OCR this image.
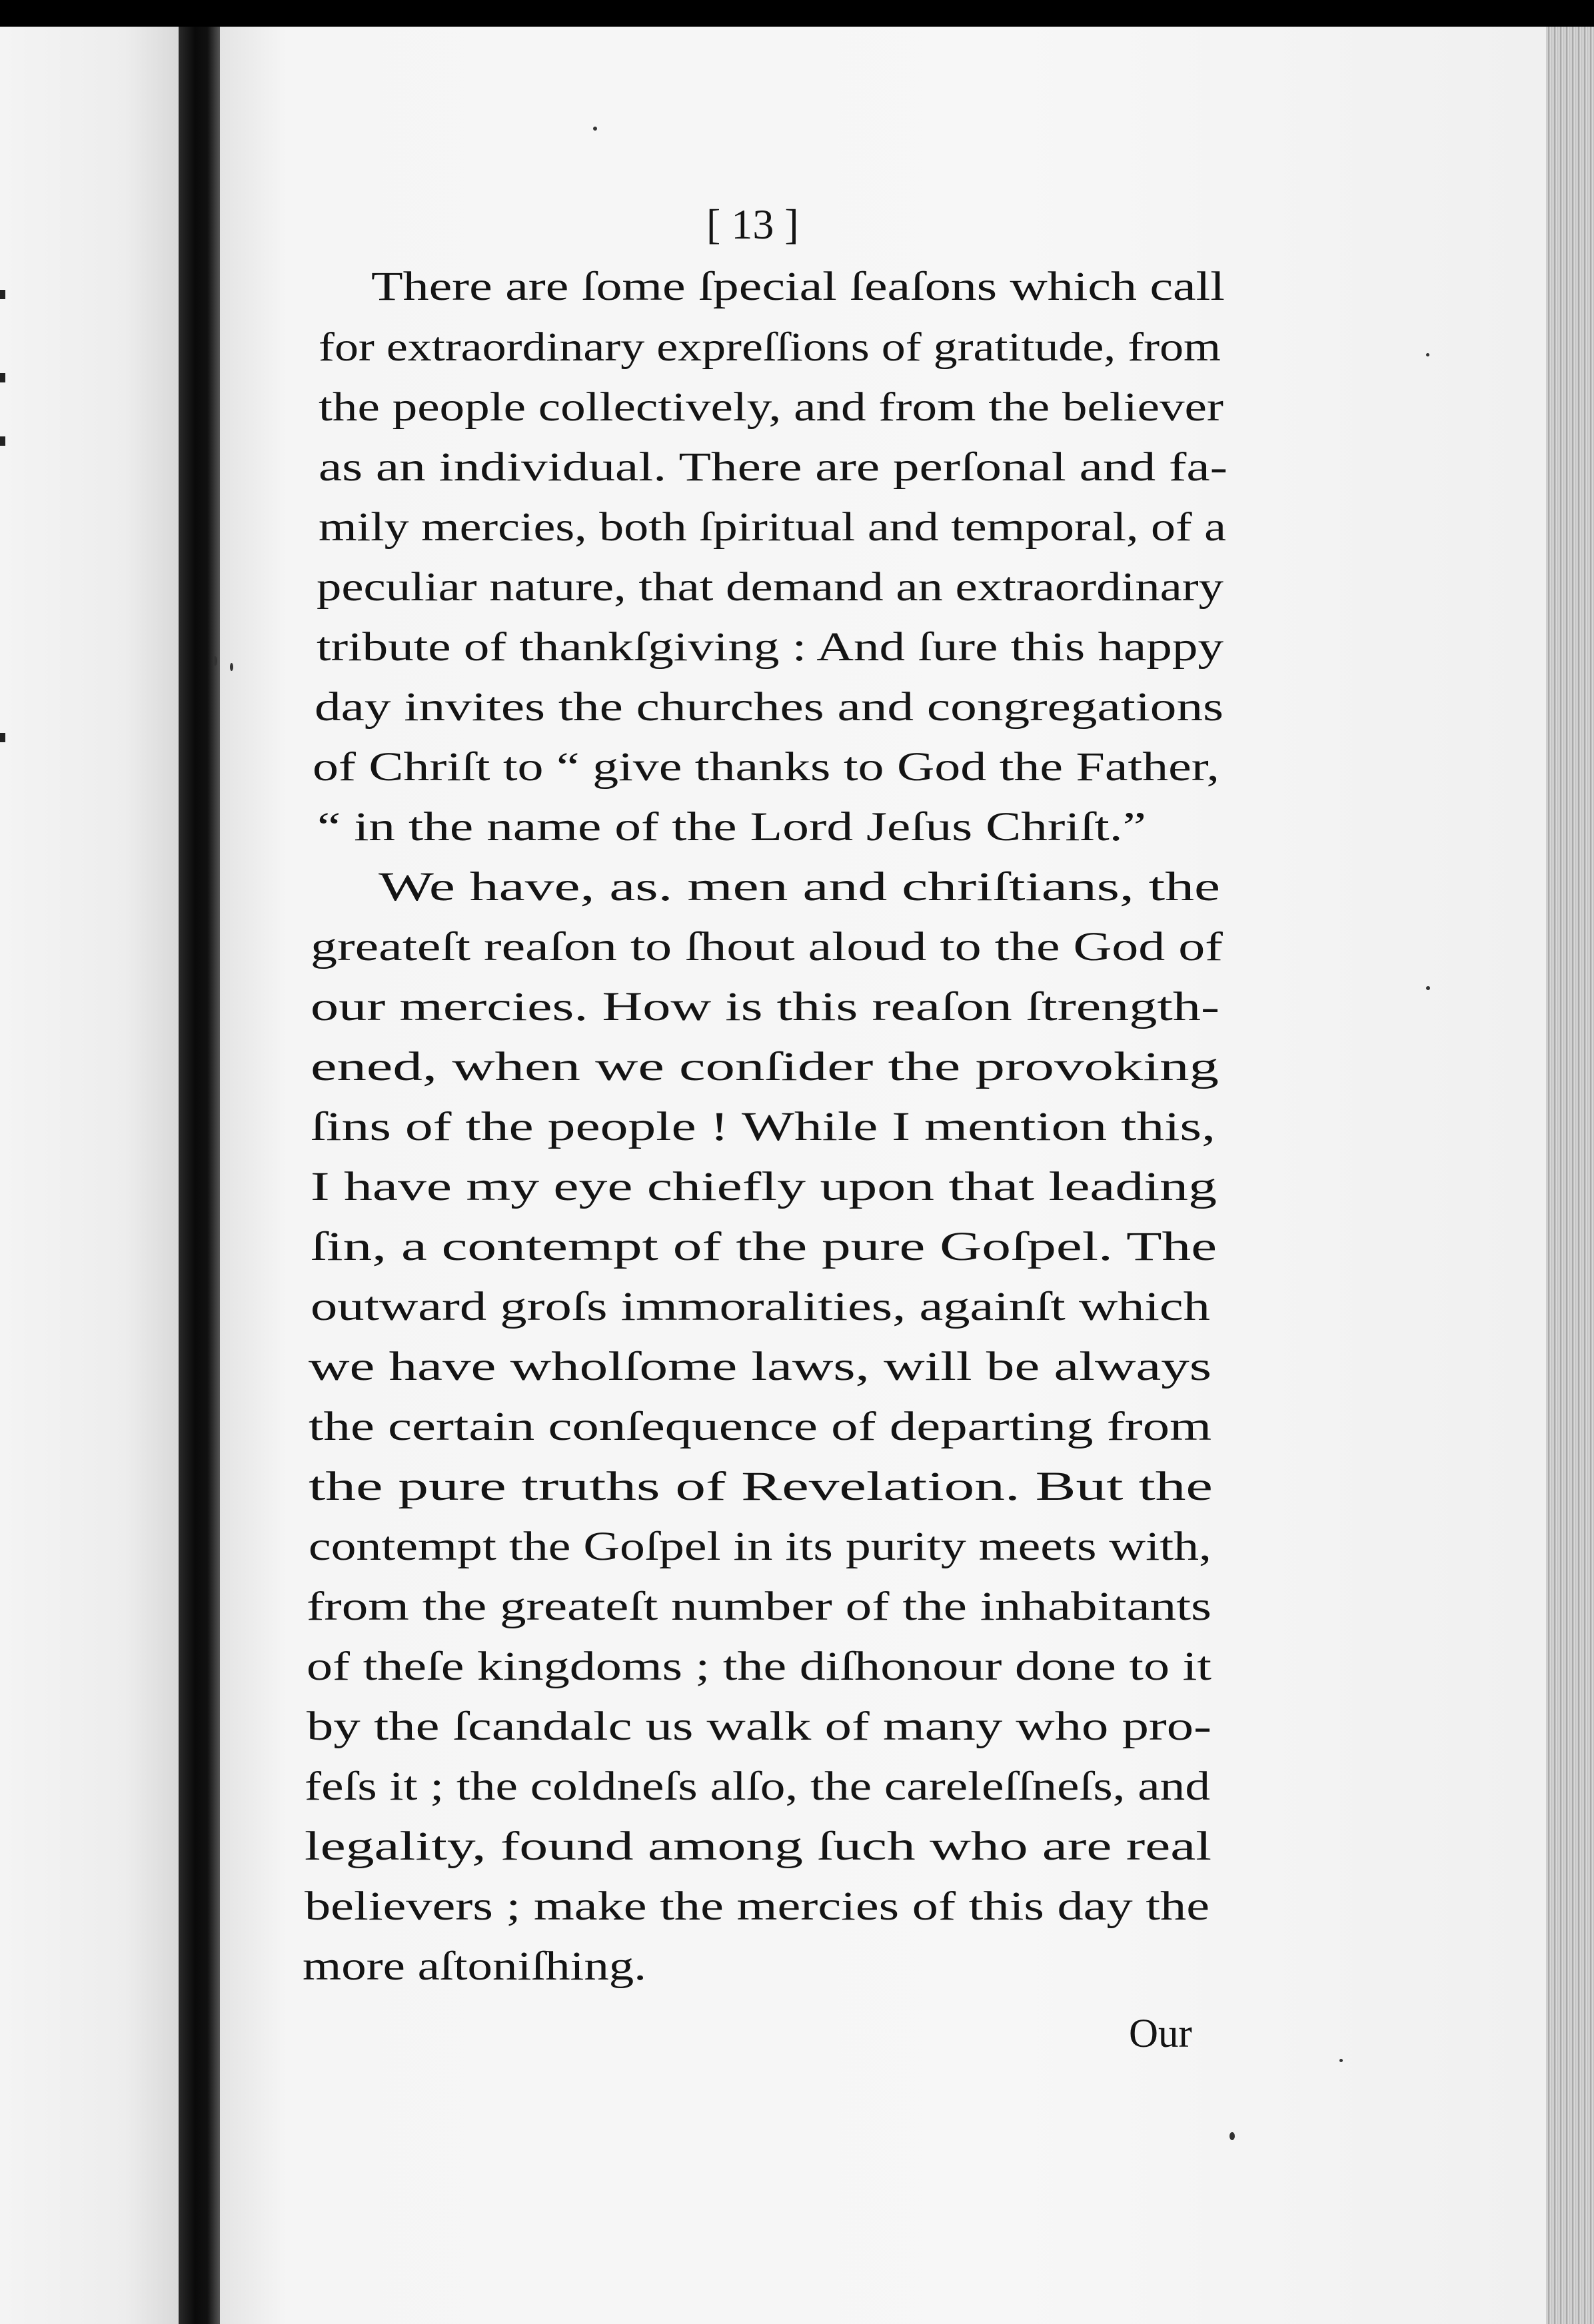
[ 13 ]
There are ſome ſpecial ſeaſons which call
for extraordinary expreſſions of gratitude, from
the people collectively, and from the believer
as an individual. There are perſonal and fa-
mily mercies, both ſpiritual and temporal, of a
peculiar nature, that demand an extraordinary
tribute of thankſgiving : And ſure this happy
day invites the churches and congregations
of Chriſt to “ give thanks to God the Father,
“ in the name of the Lord Jeſus Chriſt.”
We have, as. men and chriſtians, the
greateſt reaſon to ſhout aloud to the God of
our mercies. How is this reaſon ſtrength-
ened, when we conſider the provoking
ſins of the people ! While I mention this,
I have my eye chiefly upon that leading
ſin, a contempt of the pure Goſpel. The
outward groſs immoralities, againſt which
we have wholſome laws, will be always
the certain conſequence of departing from
the pure truths of Revelation. But the
contempt the Goſpel in its purity meets with,
from the greateſt number of the inhabitants
of theſe kingdoms ; the diſhonour done to it
by the ſcandalc us walk of many who pro-
feſs it ; the coldneſs alſo, the careleſſneſs, and
legality, found among ſuch who are real
believers ; make the mercies of this day the
more aſtoniſhing.
Our
